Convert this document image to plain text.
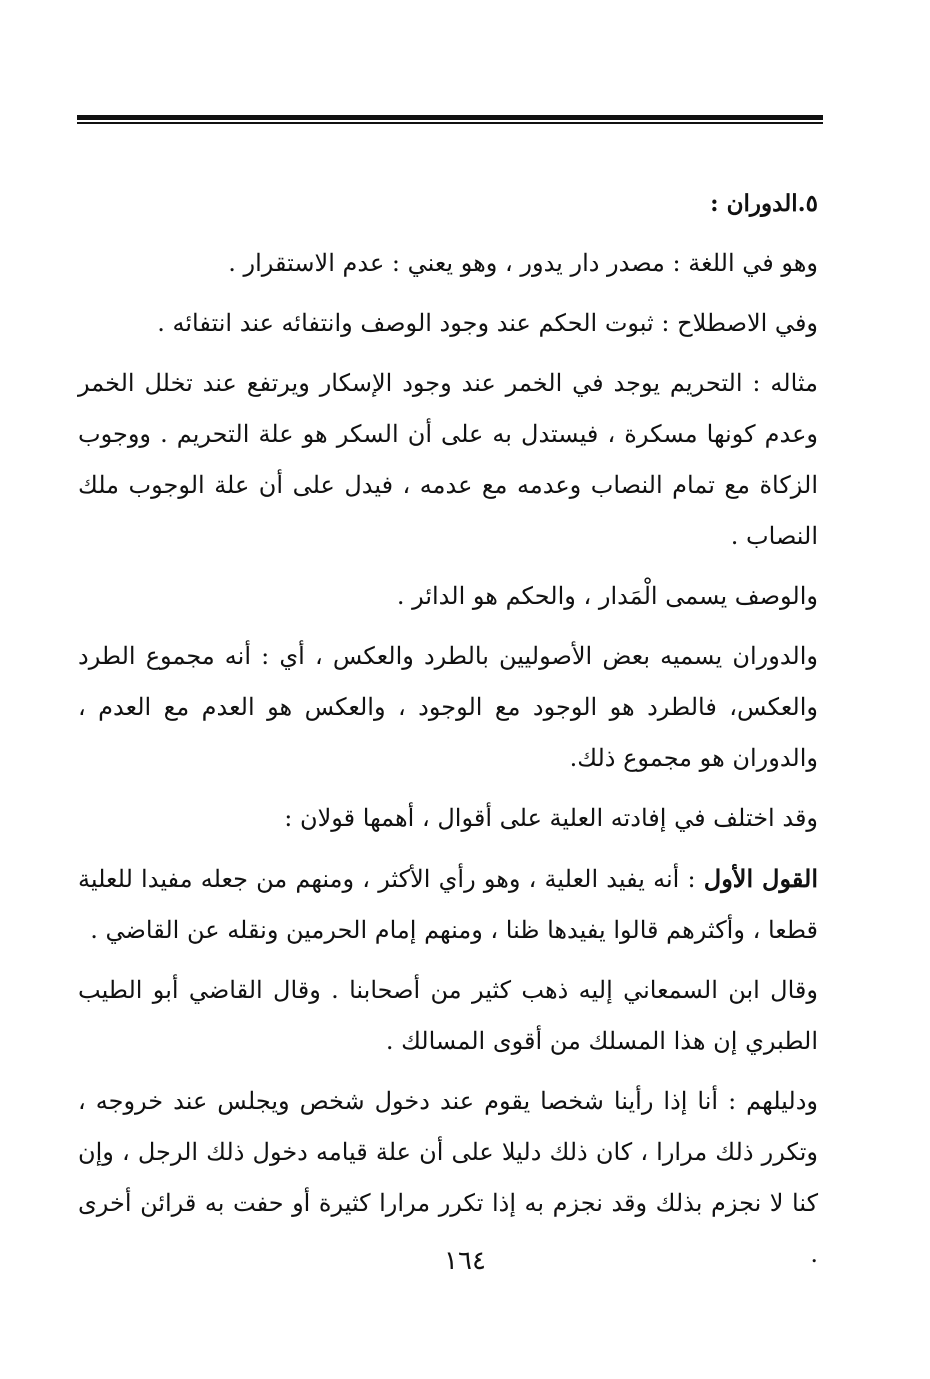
٥.الدوران :

وهو في اللغة : مصدر دار يدور ، وهو يعني : عدم الاستقرار .

وفي الاصطلاح : ثبوت الحكم عند وجود الوصف وانتفائه عند انتفائه .

مثاله : التحريم يوجد في الخمر عند وجود الإسكار ويرتفع عند تخلل الخمر وعدم كونها مسكرة ، فيستدل به على أن السكر هو علة التحريم . ووجوب الزكاة مع تمام النصاب وعدمه مع عدمه ، فيدل على أن علة الوجوب ملك النصاب .

والوصف يسمى الْمَدار ، والحكم هو الدائر .

والدوران يسميه بعض الأصوليين بالطرد والعكس ، أي : أنه مجموع الطرد والعكس، فالطرد هو الوجود مع الوجود ، والعكس هو العدم مع العدم ، والدوران هو مجموع ذلك.

وقد اختلف في إفادته العلية على أقوال ، أهمها قولان :

القول الأول : أنه يفيد العلية ، وهو رأي الأكثر ، ومنهم من جعله مفيدا للعلية قطعا ، وأكثرهم قالوا يفيدها ظنا ، ومنهم إمام الحرمين ونقله عن القاضي .

وقال ابن السمعاني إليه ذهب كثير من أصحابنا . وقال القاضي أبو الطيب الطبري إن هذا المسلك من أقوى المسالك .

ودليلهم : أنا إذا رأينا شخصا يقوم عند دخول شخص ويجلس عند خروجه ، وتكرر ذلك مرارا ، كان ذلك دليلا على أن علة قيامه دخول ذلك الرجل ، وإن كنا لا نجزم بذلك وقد نجزم به إذا تكرر مرارا كثيرة أو حفت به قرائن أخرى .

١٦٤
